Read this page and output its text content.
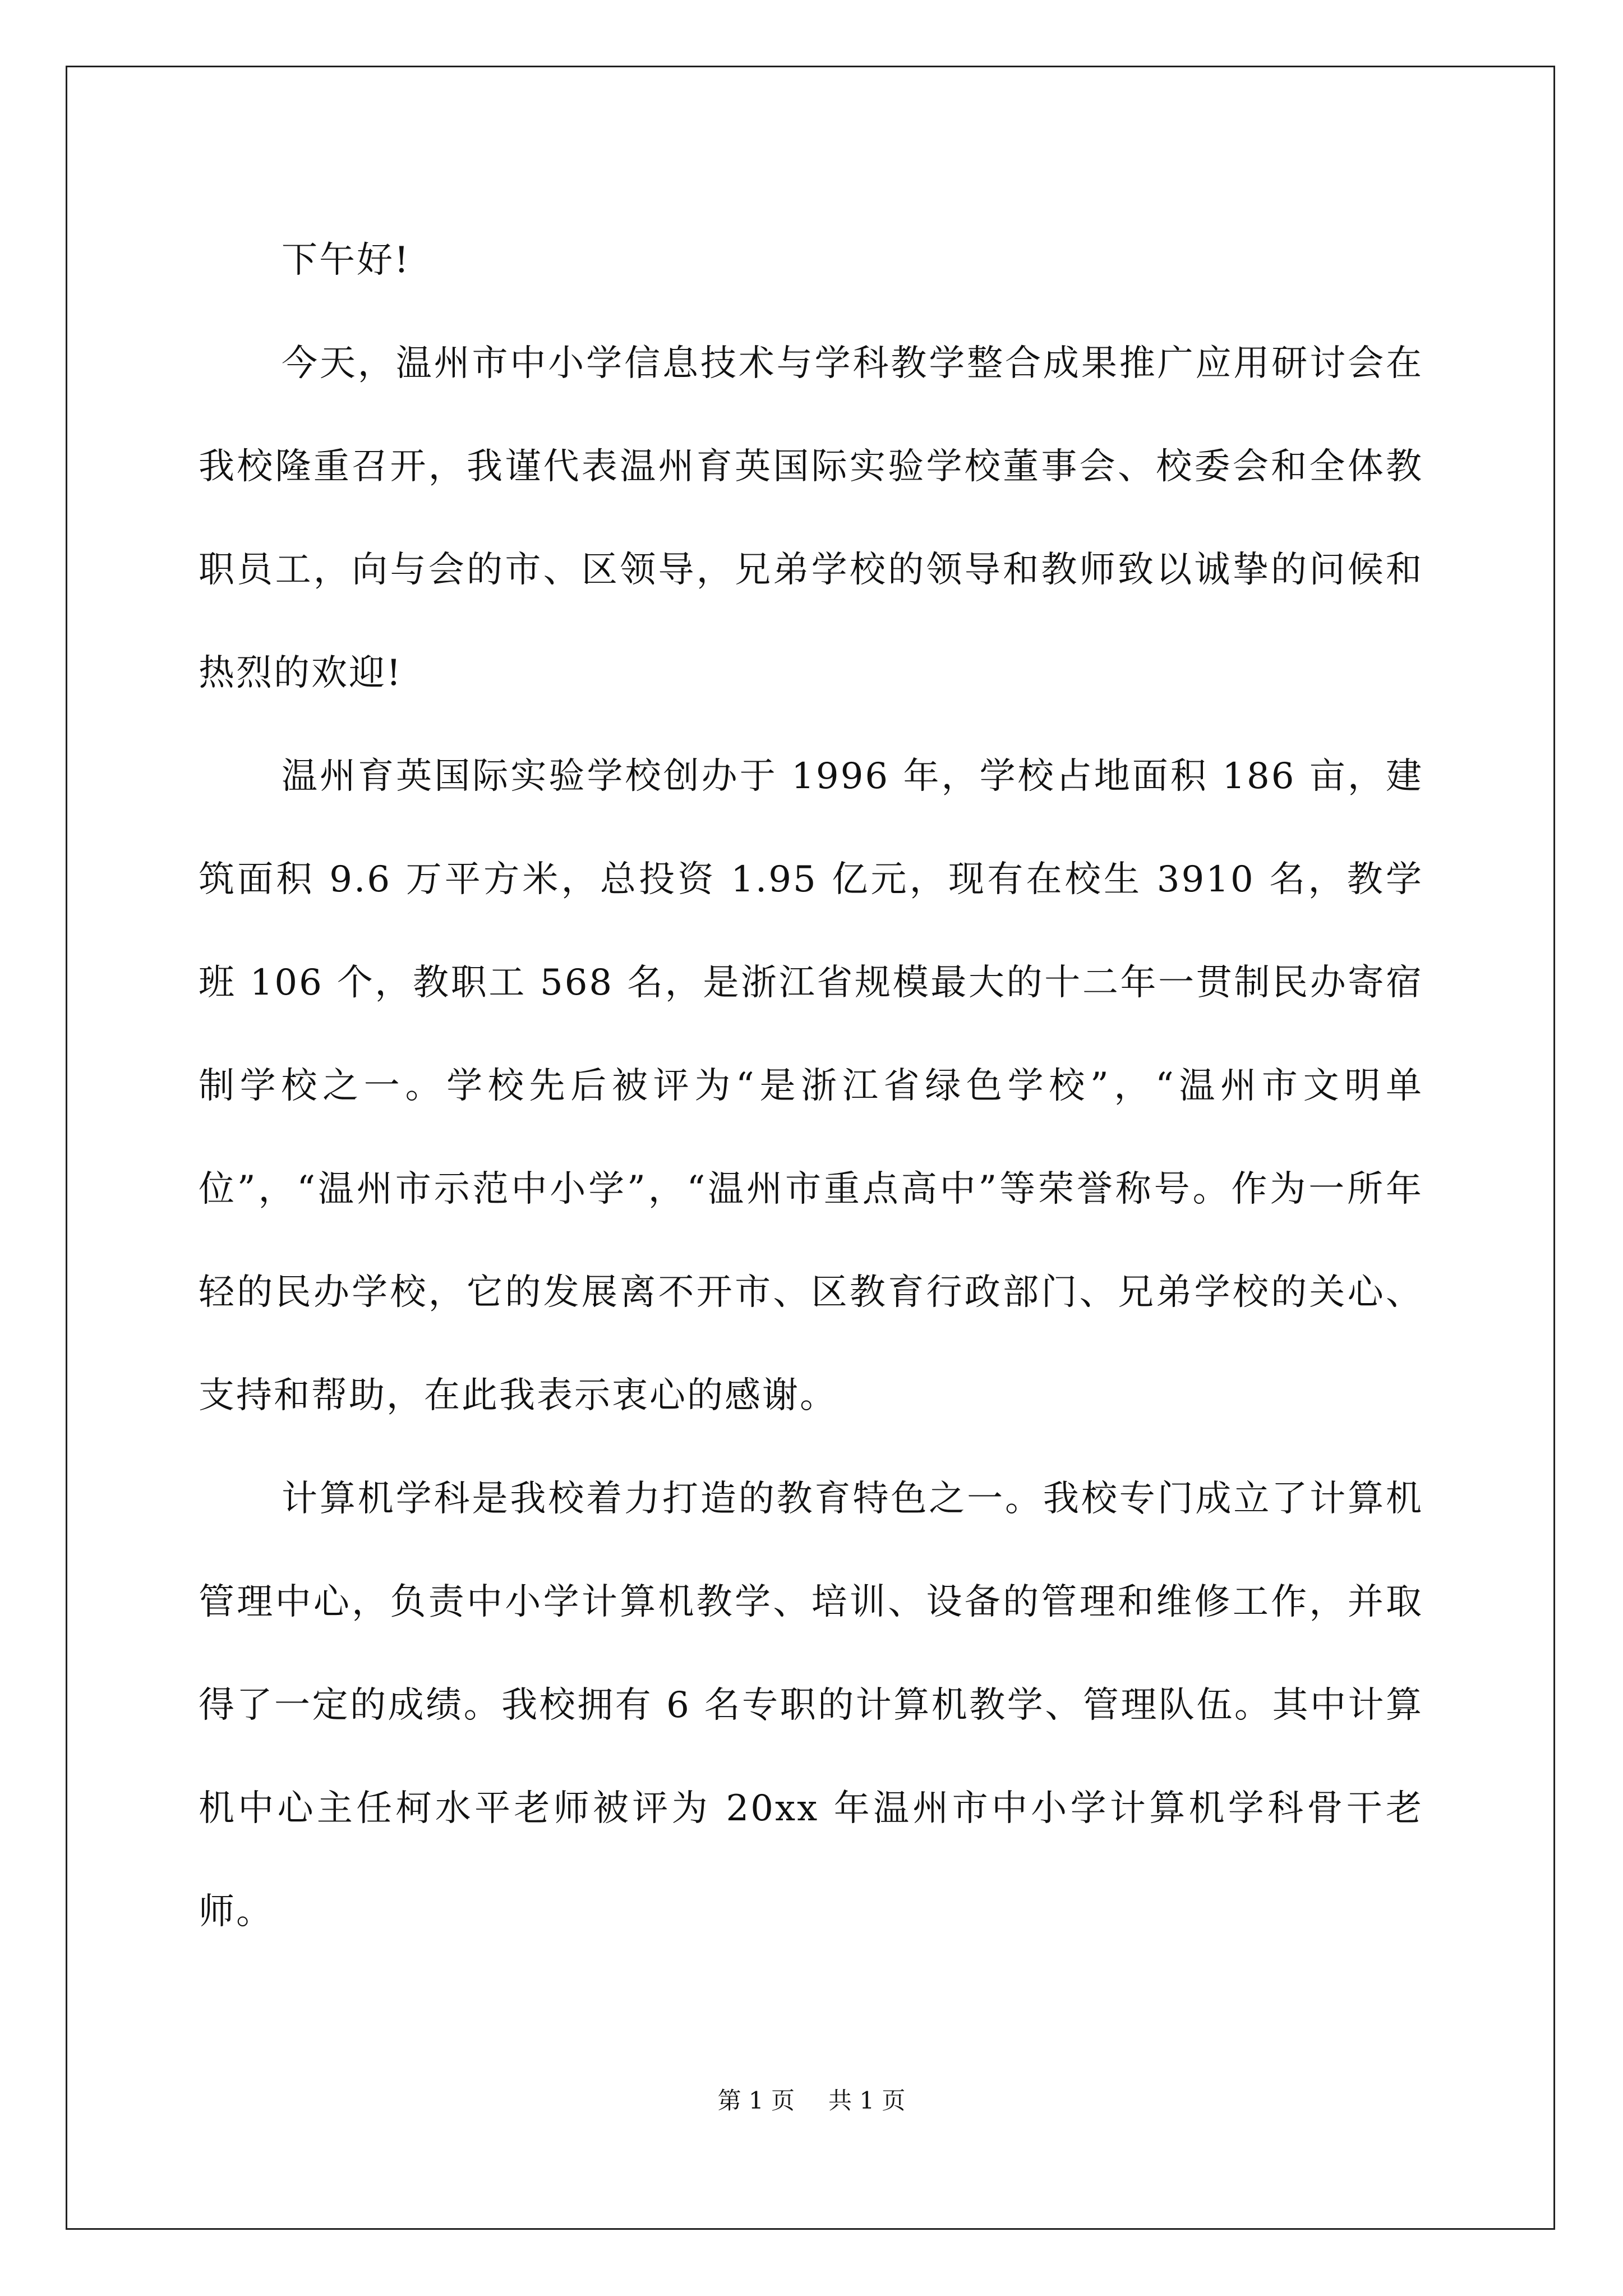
下午好!

今天，温州市中小学信息技术与学科教学整合成果推广应用研讨会在我校隆重召开，我谨代表温州育英国际实验学校董事会、校委会和全体教职员工，向与会的市、区领导，兄弟学校的领导和教师致以诚挚的问候和热烈的欢迎!

温州育英国际实验学校创办于 1996 年，学校占地面积 186 亩，建筑面积 9.6 万平方米，总投资 1.95 亿元，现有在校生 3910 名，教学班 106 个，教职工 568 名，是浙江省规模最大的十二年一贯制民办寄宿制学校之一。学校先后被评为“是浙江省绿色学校”，“温州市文明单位”，“温州市示范中小学”，“温州市重点高中”等荣誉称号。作为一所年轻的民办学校，它的发展离不开市、区教育行政部门、兄弟学校的关心、支持和帮助，在此我表示衷心的感谢。

计算机学科是我校着力打造的教育特色之一。我校专门成立了计算机管理中心，负责中小学计算机教学、培训、设备的管理和维修工作，并取得了一定的成绩。我校拥有 6 名专职的计算机教学、管理队伍。其中计算机中心主任柯水平老师被评为 20xx 年温州市中小学计算机学科骨干老师。

第 1 页 共 1 页
